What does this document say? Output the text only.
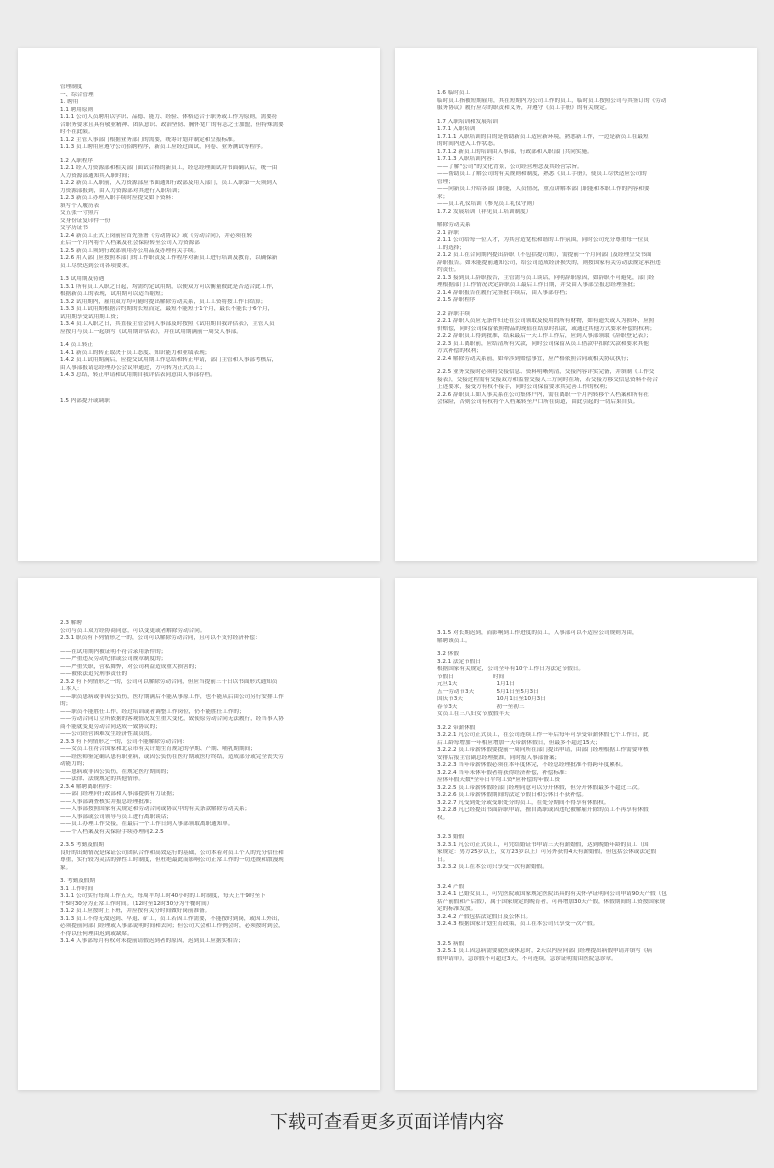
管理制度
一、综合管理
1. 聘用
1.1 聘用原则
1.1.1 公司人员聘用以学识、品德、能力、经验、体格适合于职务或工作为原则，需要符
合职务要求且具有敬业精神、团队意识、政治坚韧、胸怀宽广的有志之士加盟，但特殊需要
时不在此限。
1.1.2 主管人事部门根据业务部门的需要，统筹计划并制定和呈报标准。
1.1.3 员工聘用应遵守公司招聘程序，新员工应经过面试，问卷、业务测试等程序。
1.2 入职程序
1.2.1 经人力资源部和相关部门面试合格的新员工，经总经理面试并书面确认后，统一由
人力资源部通知其入职时间；
1.2.2 新员工入职前，入力资源部应书面通知行政部及用人部门，员工入职第一天须到人
力资源部报到，由人力资源部对其进行入职培训；
1.2.3 新员工办理入职手续时应提交如下资料：
填写个人履历表
交五张一寸照片
交身份证复印件一份
交学历证书
1.2.4 新员工正式上岗前应首先签署《劳动协议》或《劳动合同》，并必须在转
正后一个月内将个人档案及社会保险转至公司人力资源部
1.2.5 新员工须到行政部领用办公用品及办理有关手续。
1.2.6 用人部门应按照本部门的工作职责及工作程序对新员工进行培训及教育，以确保新
员工尽快达到公司各项要求。
1.3 试用期及待遇
1.3.1 所有员工入职之日起，均需约定试用期，以便双方可以衡量彼此是否适合此工作，
根据新员工的表现，试用期可以适当缩短；
1.3.2 试用期内，雇用双方均可随时提出解除劳动关系，员工工资将按工作日结算；
1.3.3 员工试用期根据合约期的长短而定，最短不能短于1个月，最长不能长于6个月，
试用期享受试用期工资；
1.3.4 员工入职之日，其直接主管会同人事部及时按照《试用期自我评估表》，主管人员
应按月与员工一起填写《试用期评估表》，并在试用期满前一周交人事部。
1.4 员工转正
1.4.1 新员工的转正取决于员工态度、知识能力和业绩表现；
1.4.2 员工试用期满后，应提交试用期工作总结和转正申请，部门主管和人事部考核后，
由人事部报请总经理办公会议审通过，方可转为正式员工；
1.4.3 总结，转正申请和试用期自我评估表同意由人事部存档。
1.5 内部提升或调职
1.6 临时员工
临时员工指被短期雇用，其在短期内为公司工作的员工，临时员工按照公司与其签订的《劳动
服务协议》履行应尽的职责和义务，并遵守《员工手册》的有关规定。
1.7 入职培训和发展培训
1.7.1 入职培训
1.7.1.1 入职培训的目的是帮助新员工适应新环境，熟悉新工作，一边是新员工在最短
的时间内进入工作状态。
1.7.1.2 新员工的培训由人事部，行政部和入职部门共同实施。
1.7.1.3 入职培训内容：
——了解“公司”的文化背景，公司经营理念及其经营宗旨。
——帮助员工了解公司的有关规则和制度，熟悉《员工手册》，使员工尽快适应公司的
管理；
——向新员工介绍各部门职能，人员情况，重点讲解本部门职能和本职工作的内容和要
求；
——员工礼仪培训（参见员工礼仪守则）
1.7.2 发展培训（祥见员工培训制度）
解除劳动关系
2.1 辞职
2.1.1 公司给每一位人才，为其营造宽松和谐的工作氛围，同时公司充分尊重每一位员
工的选择；
2.1.2 员工在合同期内提出辞职（不包括提司期），需提前一个月向部门及经理呈交书面
辞职报告。如未能提前通知公司，给公司造成经济损失的，则按国家有关劳动法规定承担违
约责任。
2.1.3 接到员工辞职报告，主管需与员工谈话，问明辞职原因，如辞职不可避免，部门经
理根据部门工作情况决定辞职员工最后工作日期，并交由人事部呈报总经理签批；
2.1.4 辞职报告在履行完签批手续后，由人事部存档；
2.1.5 辞职程序
2.2 辞职手续
2.2.1 辞职人员应无条件归还在公司领取及使用的所有财物，如有遗失或人为损坏，应照
价赔偿，同时公司保留依照物品的现值在结算时扣款，或通过其他方式要求补偿的权利；
2.2.2 辞职员工得到批准，结束最后一天工作工作后，应到人事部领取《辞职登记表》；
2.2.3 员工离职前，应结清所有欠款，同时公司保留从员工借款中扣除欠款和要求其他
方式补偿的权利；
2.2.4 解除劳动关系前，如牵涉到赔偿事宜，应严格依照合同或相关协议执行；
2.2.5 业务交接时必须将交接信息、资料明晰列清，交接内容详实完备，并填制《工作交
接表》，交接过程需有交接双方和监督交接人三方同时在场，若交接方移交信息资料不符合
上述要求，接受方有权不接手，同时公司保留要求其完善工作的权利；
2.2.6 辞职员工如人事关系在公司集体户内，需在离职一个月内转移个人档案和所有社
会保险，否则公司有权将个人档案转至户口所在街道，由此引起的一切后果自负。
2.3 解聘
公司与员工双方经协商同意，可以变更或者解除劳动合同。
2.3.1 职员有下列情形之一的，公司可以解除劳动合同，且可以不支付经济补偿：
——在试用期内被证明不符合录用条件的；
——严重违反劳动纪律或公司规章制度的；
——严重失职，营私舞弊，对公司利益造成重大损害的；
——被依法追究刑事责任的
2.3.2 有下列情形之一的，公司可以解除劳动合同，但应当提前三十日以书面形式通知员
工本人：
——职员患病或非因公负伤，医疗期满后不能从事原工作，也不能从后由公司另行安排工作
的；
——职员不能胜任工作，经过培训或者调整工作岗位，仍不能胜任工作的；
——劳动合同订立所依据的客观情况发生重大变化，致使原劳动合同无法履行，经当事人协
商不能就变更劳动合同达成一致协议的；
——公司经营困难发生经济性裁员的。
2.3.3 有下列情形之一的，公司不能解除劳动合同：
——女员工在符合国家和北京市有关计划生育规定的孕期、产期、哺乳期期间；
——经医师鉴定确认患有职业病，或因公负伤在医疗期或医疗终结，造成部分或完全丧失劳
动能力的；
——患病或非因公负伤，在规定医疗期间的；
——法律、法规规定的其他情形。
2.3.4 解聘离职程序：
——部门经理向行政部和人事部提供有力证据；
——人事部调查核实并报总经理批准；
——人事部按照国家有关规定和劳动合同或协议中的有关条款解除劳动关系；
——人事部或公司领导与员工进行离职谈话；
——员工办理工作交接，在最后一个工作日到人事部领取离职通知单。
——个人档案及有关保险手续办理同2.2.5
2.3.5 考勤及假期
良好的出勤情况是保证公司团队合作和高效运行的基础，公司本着对员工个人的充分信任和
尊重，实行较为灵活的弹性工时制度，但杜绝最此而影响公司正常工作的一切违规和散漫现
象。
3. 考勤及假期
3.1 工作时间
3.1.1 公司实行每周工作五天，每周平均工时40小时的工时制度，每天上午9时至下
午5时30分为正常工作时间。（12时至12时30分为午餐时间）
3.1.2 员工应按时上下班，并应按有关分时间做好岗前准备。
3.1.3 员工不得无故迟到、早退、矿工，员工若因工作需要，不能按时到岗，或因工外出，
必须提前向部门经理或人事部说明时间和去向；但公司大会和工作例会时，必须按时到会，
不得以任何理由迟到或缺席。
3.1.4 人事部每月有权对未提前请假迟到者的原因，迟到员工应据实相告；
3.1.5 对长期迟到，而影响到工作进度的员工，人事部可以不适应公司规则为由，
解聘该员工。
3.2 休假
3.2.1 法定节假日
根据国家有关规定，公司全年有10个工作日为法定节假日。
节假日　　　　　　　时间
元旦1天　　　　　　　1月1日
五一劳动节3天　　　　5月1日至5月3日
国庆节3天　　　　　　10月1日至10月3日
春节3天　　　　　　　初一至初三
女员工在三八妇女节放假半天
3.2.2 带薪休假
3.2.2.1 凡公司正式员工，在公司连续工作一年后每年可享受带薪休假七个工作日，此
后工龄每增加一年相应增加一天带薪休假日，但最多不超过15天；
3.2.2.2 员工带薪休假要提前一周向所在部门提出申请，由部门经理根据工作需要审核
安排后报主管副总经理批准，同时报人事部备案；
3.2.2.3 当年带薪休假必须在本年度休完，不经总经理批准不得跨年度累积。
3.2.2.4 当年未休年假者将获得经济补偿，补偿标准：
应休年假天数*全年日平均工资*应补偿的年假工资
3.2.2.5 员工带薪休假经部门经理同意可以分开休假，但分开休假最多不超过三次。
3.2.2.6 员工带薪休假期间的法定节假日和公休日不获补偿。
3.2.2.7 凡受到处分或受职处分的员工，在处分期间不得享有休假权。
3.2.2.8 凡已经提出书面辞职申请，擅自离职或因违纪被解雇开除的员工不再享有休假
权。
3.2.3 婚假
3.2.3.1 凡公司正式员工，可凭结婚证书申请三天有薪婚假，达到晚婚年龄的员工（国
家规定：男方25岁以上，女方23岁以上）可另外获得4天有薪婚假，但包括公休或法定假
日。
3.2.3.2 员工在本公司只享受一次有薪婚假。
3.2.4 产假
3.2.4.1 已婚女员工，可凭医院或国家规定医院出具的有关怀孕证明向公司申请90天产假（包
括产前假和产后假），属于国家规定的晚育者，可再增加30天产假，休假期间的工资按国家规
定的标准发放。
3.2.4.2 产假包括法定假日及公休日。
3.2.4.3 根据国家计划生育政策，员工在本公司只享受一次产假。
3.2.5 病假
3.2.5.1 员工因急病需要就医或休息时，2天以内应向部门经理提出病假申请并填写《病
假申请单》，急诊假不可超过3天，不可连续，急诊证明需由医院急诊章。
下载可查看更多页面详情内容
